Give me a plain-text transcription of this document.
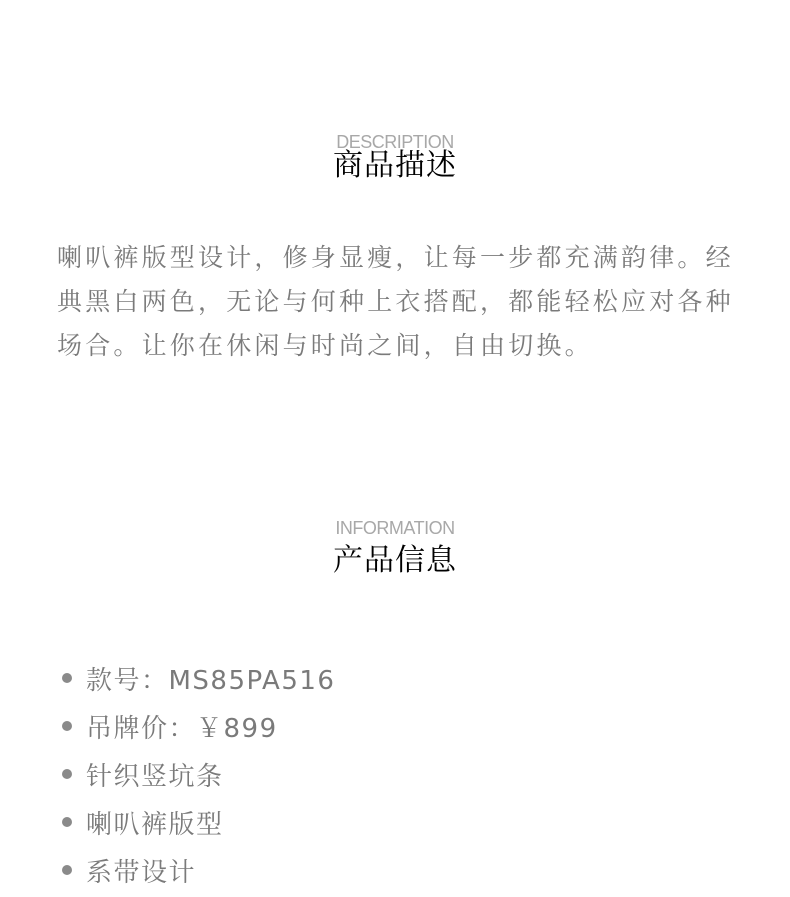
DESCRIPTION
商品描述
喇叭裤版型设计，修身显瘦，让每一步都充满韵律。经典黑白两色，无论与何种上衣搭配，都能轻松应对各种场合。让你在休闲与时尚之间，自由切换。
INFORMATION
产品信息
款号：MS85PA516
吊牌价：￥899
针织竖坑条
喇叭裤版型
系带设计
